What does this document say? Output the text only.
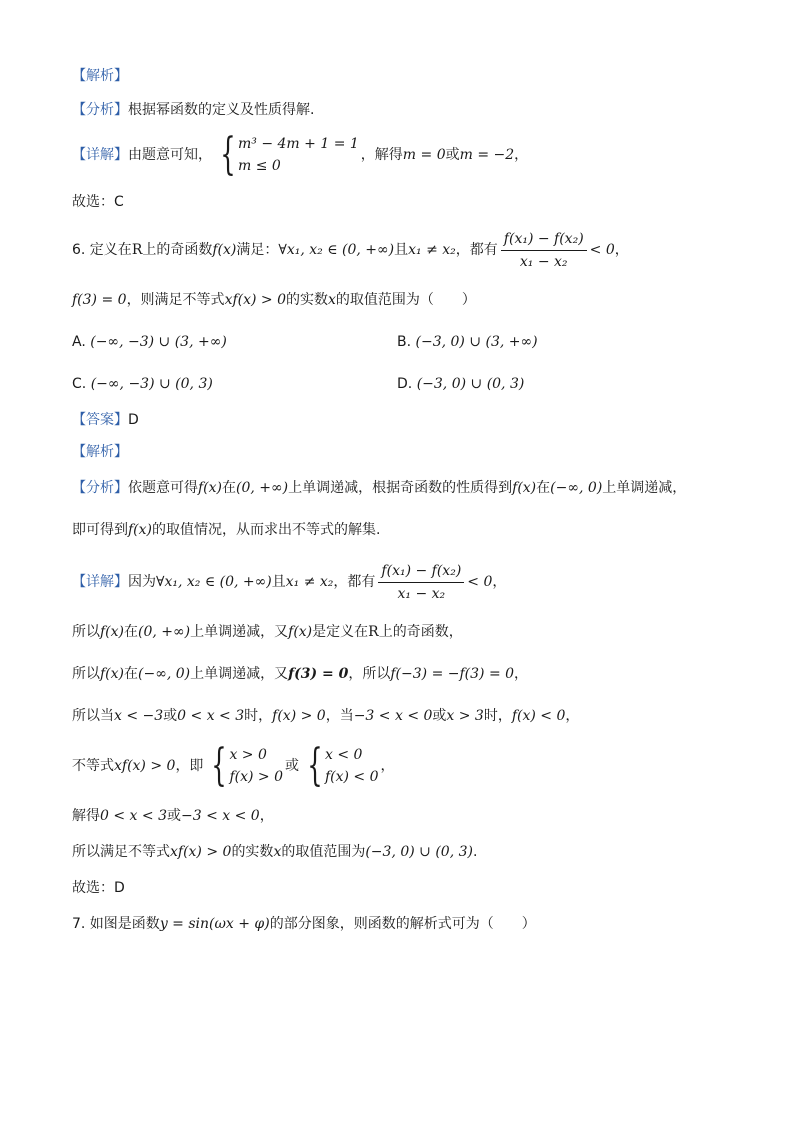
【解析】
【分析】根据幂函数的定义及性质得解.
【详解】由题意可知， { m³ − 4m + 1 = 1
m ≤ 0
，解得m = 0或m = −2，
故选：C
6. 定义在R上的奇函数f(x)满足：∀x₁, x₂ ∈ (0, +∞)且x₁ ≠ x₂，都有 $\frac{\text{f(x₁) − f(x₂)}}{\text{x₁ − x₂}} < 0$，
f(3) = 0，则满足不等式xf(x) > 0的实数x的取值范围为（　　）
A. (−∞, −3) ∪ (3, +∞)	B. (−3, 0) ∪ (3, +∞)
C. (−∞, −3) ∪ (0, 3)	D. (−3, 0) ∪ (0, 3)
【答案】D
【解析】
【分析】依题意可得f(x)在(0, +∞)上单调递减，根据奇函数的性质得到f(x)在(−∞, 0)上单调递减，
即可得到f(x)的取值情况，从而求出不等式的解集.
【详解】因为∀x₁, x₂ ∈ (0, +∞)且x₁ ≠ x₂，都有 $\frac{\text{f(x₁) − f(x₂)}}{\text{x₁ − x₂}} < 0$，
所以f(x)在(0, +∞)上单调递减，又f(x)是定义在R上的奇函数，
所以f(x)在(−∞, 0)上单调递减，又f(3) = 0，所以f(−3) = −f(3) = 0，
所以当x < −3或0 < x < 3时，f(x) > 0，当−3 < x < 0或x > 3时，f(x) < 0，
不等式xf(x) > 0，即 { x > 0
f(x) > 0
或 { x < 0
f(x) < 0
，
解得0 < x < 3或−3 < x < 0，
所以满足不等式xf(x) > 0的实数x的取值范围为(−3, 0) ∪ (0, 3).
故选：D
7. 如图是函数y = sin(ωx + φ)的部分图象，则函数的解析式可为（　　）
